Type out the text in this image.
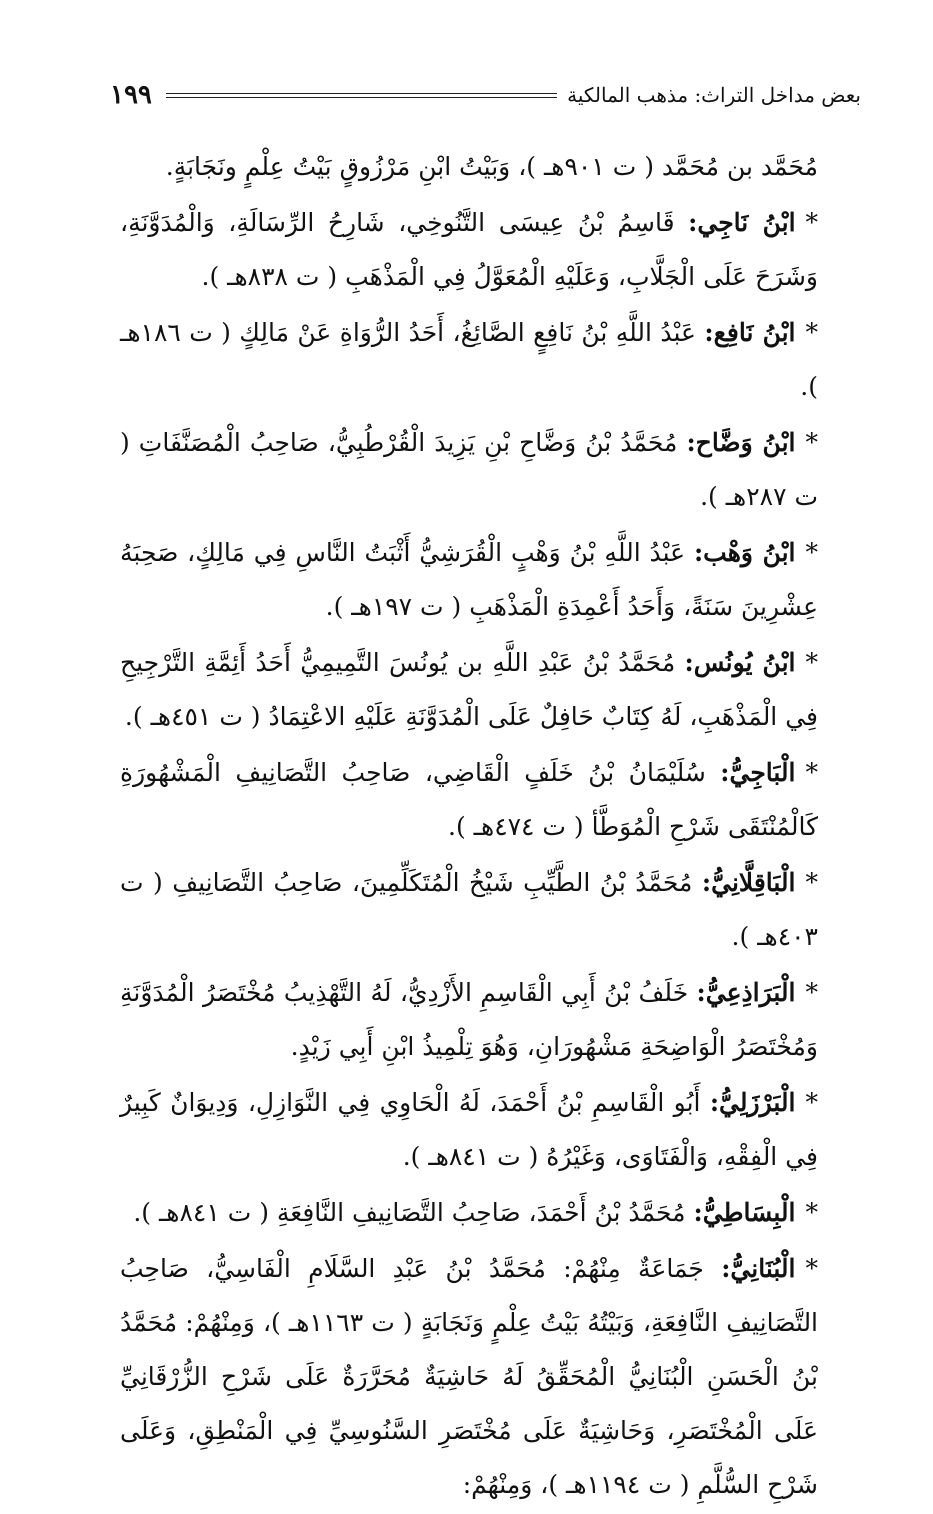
١٩٩	بعض مداخل التراث: مذهب المالكية

مُحَمَّد بن مُحَمَّد ( ت ٩٠١هـ )، وَبَيْتُ ابْنِ مَرْزُوقٍ بَيْتُ عِلْمٍ ونَجَابَةٍ.

*ابْنُ نَاجِي: قَاسِمُ بْنُ عِيسَى التَّنُوخِي، شَارِحُ الرِّسَالَةِ، وَالْمُدَوَّنَةِ، وَشَرَحَ عَلَى الْجَلَّابِ، وَعَلَيْهِ الْمُعَوَّلُ فِي الْمَذْهَبِ ( ت ٨٣٨هـ ).

*ابْنُ نَافِع: عَبْدُ اللَّهِ بْنُ نَافِعٍ الصَّائِغُ، أَحَدُ الرُّوَاةِ عَنْ مَالِكٍ ( ت ١٨٦هـ ).

*ابْنُ وَضَّاح: مُحَمَّدُ بْنُ وَضَّاحِ بْنِ يَزِيدَ الْقُرْطُبِيُّ، صَاحِبُ الْمُصَنَّفَاتِ ( ت ٢٨٧هـ ).

*ابْنُ وَهْب: عَبْدُ اللَّهِ بْنُ وَهْبٍ الْقُرَشِيُّ أَثْبَتُ النَّاسِ فِي مَالِكٍ، صَحِبَهُ عِشْرِينَ سَنَةً، وَأَحَدُ أَعْمِدَةِ الْمَذْهَبِ ( ت ١٩٧هـ ).

*ابْنُ يُونُس: مُحَمَّدُ بْنُ عَبْدِ اللَّهِ بن يُونُسَ التَّمِيمِيُّ أَحَدُ أَئِمَّةِ التَّرْجِيحِ فِي الْمَذْهَبِ، لَهُ كِتَابٌ حَافِلٌ عَلَى الْمُدَوَّنَةِ عَلَيْهِ الاعْتِمَادُ ( ت ٤٥١هـ ).

*الْبَاجِيُّ: سُلَيْمَانُ بْنُ خَلَفٍ الْقَاضِي، صَاحِبُ التَّصَانِيفِ الْمَشْهُورَةِ كَالْمُنْتَقَى شَرْحِ الْمُوَطَّأ ( ت ٤٧٤هـ ).

*الْبَاقِلَّانِيُّ: مُحَمَّدُ بْنُ الطَّيِّبِ شَيْخُ الْمُتَكَلِّمِينَ، صَاحِبُ التَّصَانِيفِ ( ت ٤٠٣هـ ).

*الْبَرَاذِعِيُّ: خَلَفُ بْنُ أَبِي الْقَاسِمِ الأَزْدِيُّ، لَهُ التَّهْذِيبُ مُخْتَصَرُ الْمُدَوَّنَةِ وَمُخْتَصَرُ الْوَاضِحَةِ مَشْهُورَانِ، وَهُوَ تِلْمِيذُ ابْنِ أَبِي زَيْدٍ.

*الْبَرْزَلِيُّ: أَبُو الْقَاسِمِ بْنُ أَحْمَدَ، لَهُ الْحَاوِي فِي النَّوَازِلِ، وَدِيوَانٌ كَبِيرٌ فِي الْفِقْهِ، وَالْفَتَاوَى، وَغَيْرُهُ ( ت ٨٤١هـ ).

*الْبِسَاطِيُّ: مُحَمَّدُ بْنُ أَحْمَدَ، صَاحِبُ التَّصَانِيفِ النَّافِعَةِ ( ت ٨٤١هـ ).

*الْبُنَانِيُّ: جَمَاعَةٌ مِنْهُمْ: مُحَمَّدُ بْنُ عَبْدِ السَّلَامِ الْفَاسِيُّ، صَاحِبُ التَّصَانِيفِ النَّافِعَةِ، وَبَيْتُهُ بَيْتُ عِلْمٍ وَنَجَابَةٍ ( ت ١١٦٣هـ )، وَمِنْهُمْ: مُحَمَّدُ بْنُ الْحَسَنِ الْبُنَانِيُّ الْمُحَقِّقُ لَهُ حَاشِيَةٌ مُحَرَّرَةٌ عَلَى شَرْحِ الزُّرْقَانِيِّ عَلَى الْمُخْتَصَرِ، وَحَاشِيَةٌ عَلَى مُخْتَصَرِ السَّنُوسِيِّ فِي الْمَنْطِقِ، وَعَلَى شَرْحِ السُّلَّمِ ( ت ١١٩٤هـ )، وَمِنْهُمْ:
